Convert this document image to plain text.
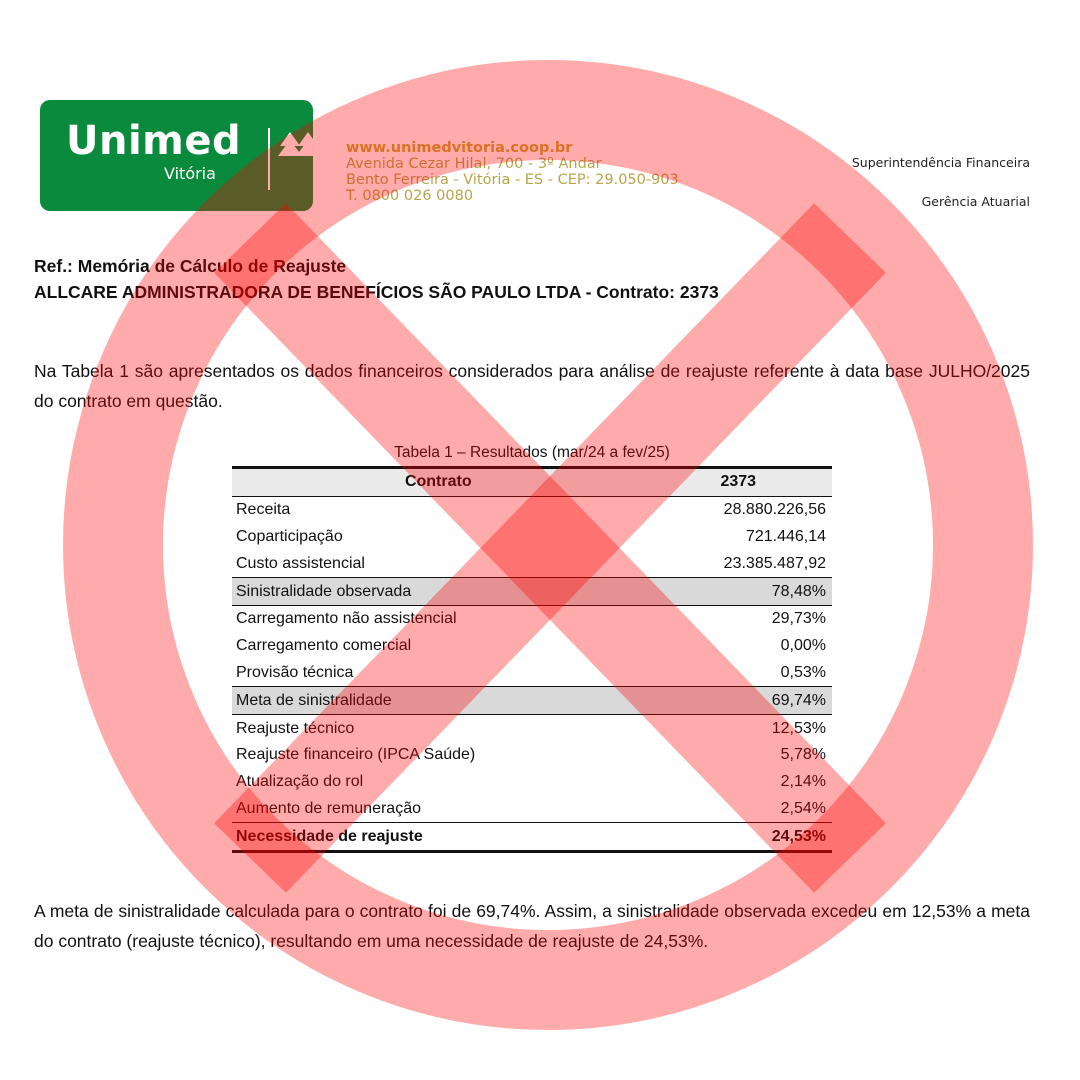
Unimed
Vitória
www.unimedvitoria.coop.br
Avenida Cezar Hilal, 700 - 3º Andar
Bento Ferreira - Vitória - ES - CEP: 29.050-903
T. 0800 026 0080
Superintendência Financeira
Gerência Atuarial
Ref.: Memória de Cálculo de Reajuste
ALLCARE ADMINISTRADORA DE BENEFÍCIOS SÃO PAULO LTDA - Contrato: 2373
Na Tabela 1 são apresentados os dados financeiros considerados para análise de reajuste referente à data base JULHO/2025 do contrato em questão.
Tabela 1 – Resultados (mar/24 a fev/25)
Contrato	2373
Receita	28.880.226,56
Coparticipação	721.446,14
Custo assistencial	23.385.487,92
Sinistralidade observada	78,48%
Carregamento não assistencial	29,73%
Carregamento comercial	0,00%
Provisão técnica	0,53%
Meta de sinistralidade	69,74%
Reajuste técnico	12,53%
Reajuste financeiro (IPCA Saúde)	5,78%
Atualização do rol	2,14%
Aumento de remuneração	2,54%
Necessidade de reajuste	24,53%
A meta de sinistralidade calculada para o contrato foi de 69,74%. Assim, a sinistralidade observada excedeu em 12,53% a meta do contrato (reajuste técnico), resultando em uma necessidade de reajuste de 24,53%.
